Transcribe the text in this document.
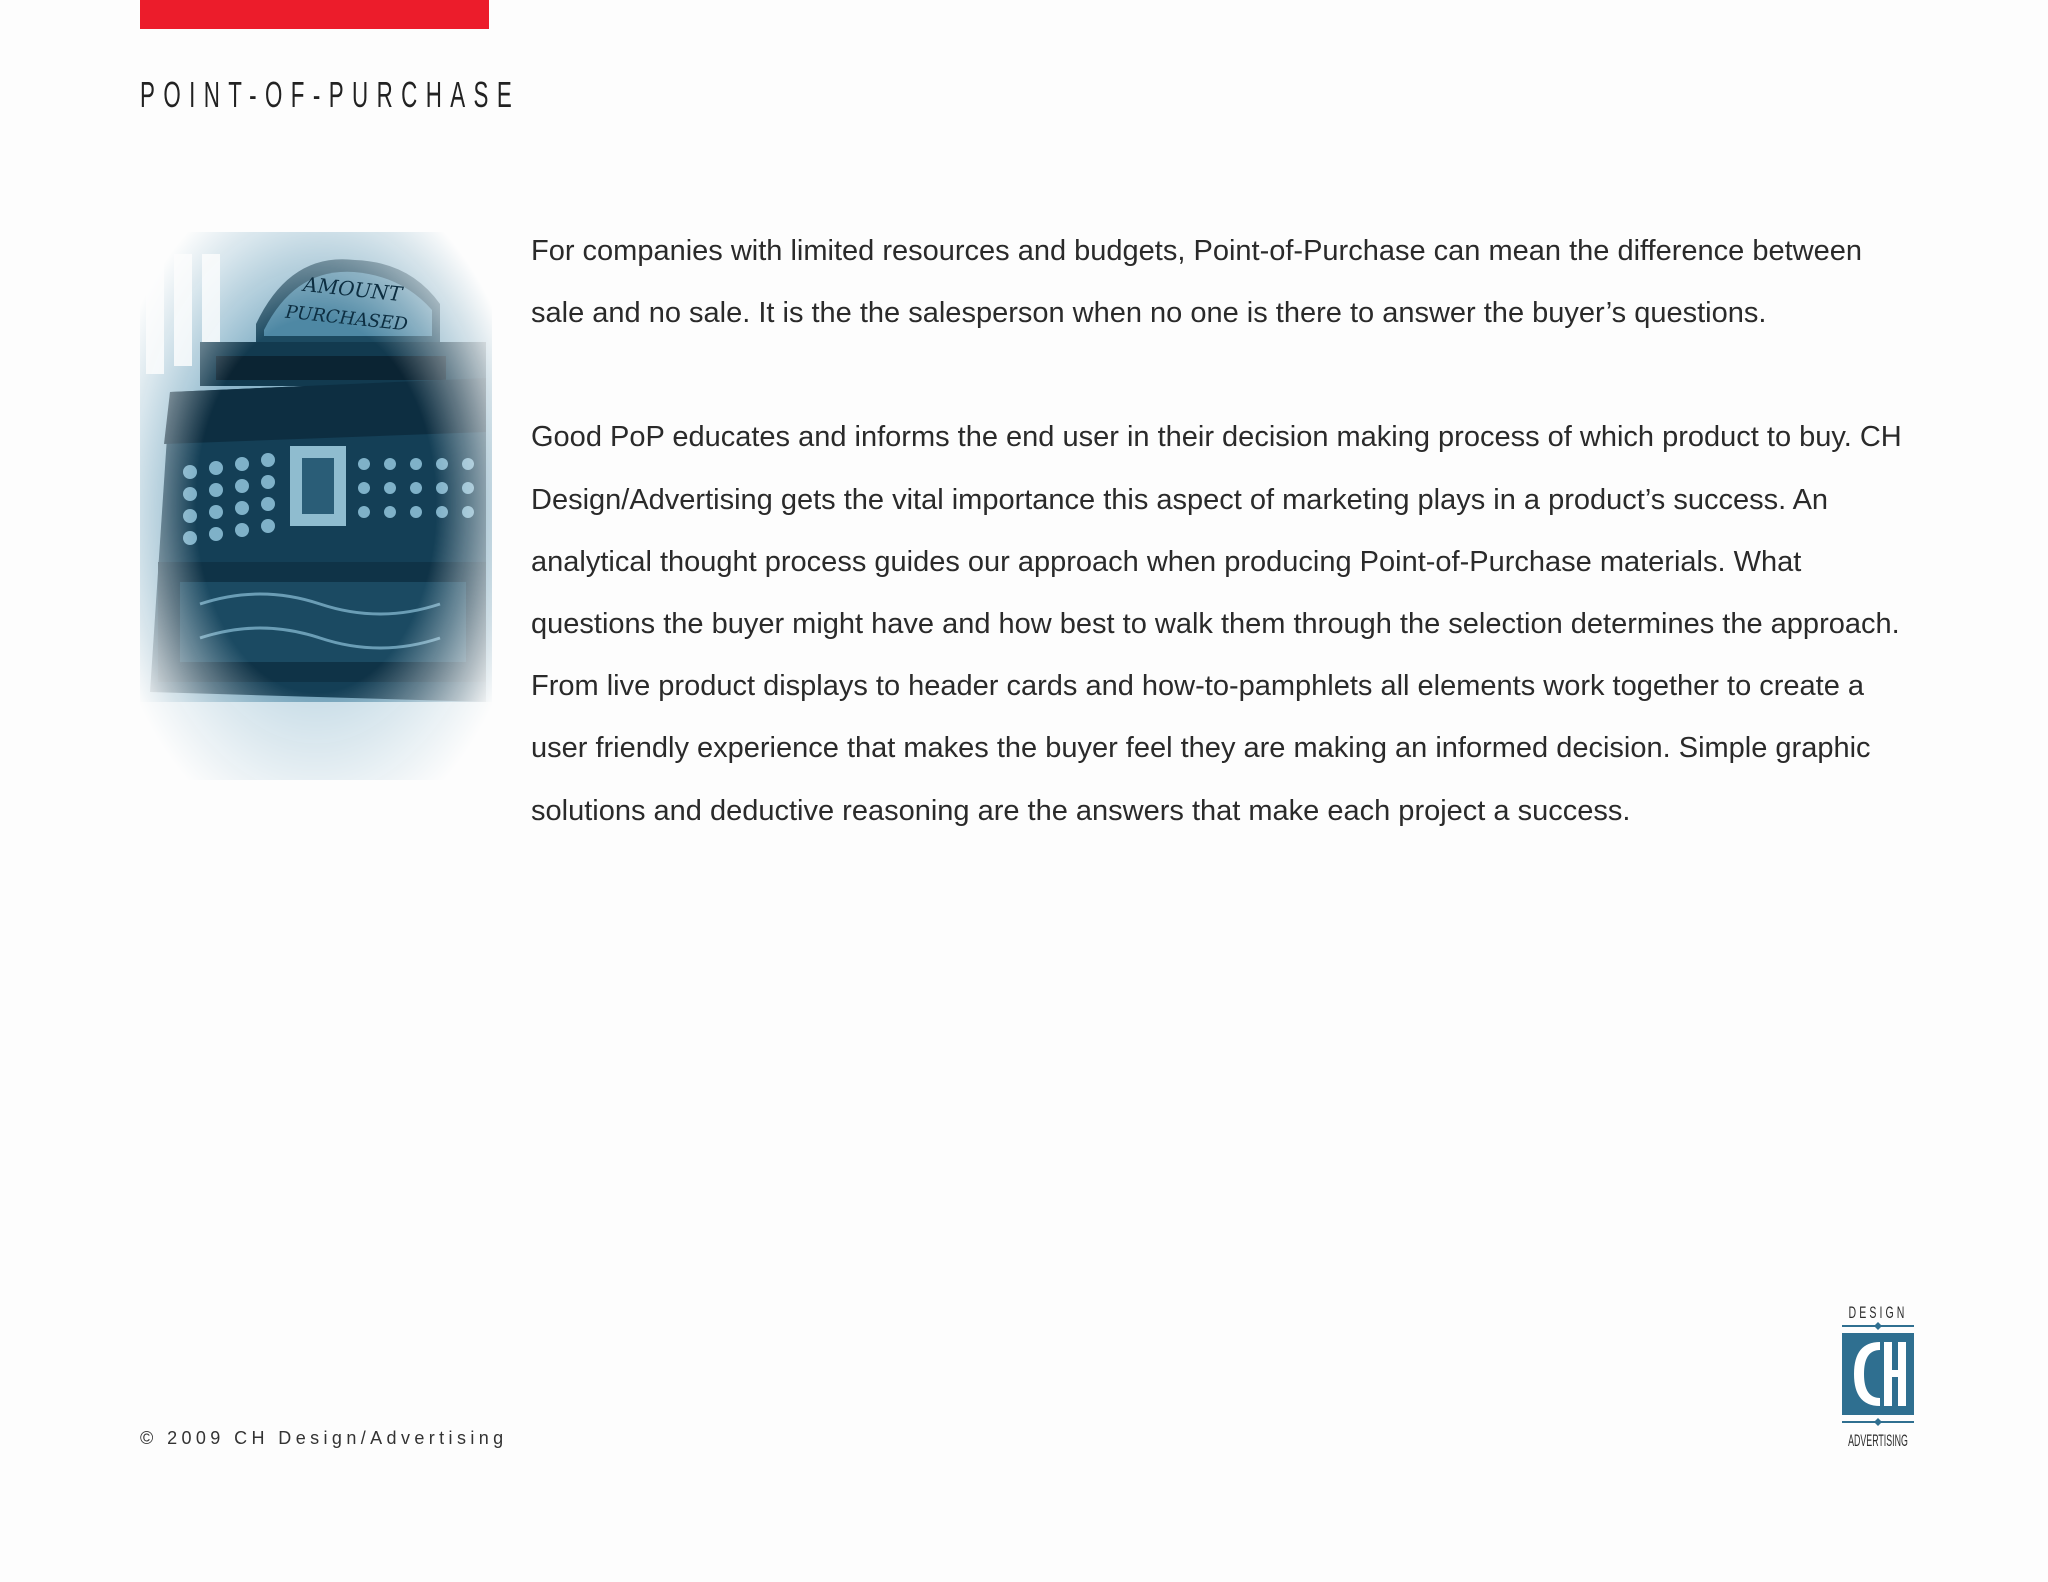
POINT-OF-PURCHASE
AMOUNT
PURCHASED

For companies with limited resources and budgets, Point-of-Purchase can mean the difference between sale and no sale. It is the the salesperson when no one is there to answer the buyer’s questions.

Good PoP educates and informs the end user in their decision making process of which product to buy. CH Design/Advertising gets the vital importance this aspect of marketing plays in a product’s success. An analytical thought process guides our approach when producing Point-of-Purchase materials. What questions the buyer might have and how best to walk them through the selection determines the approach. From live product displays to header cards and how-to-pamphlets all elements work together to create a user friendly experience that makes the buyer feel they are making an informed decision. Simple graphic solutions and deductive reasoning are the answers that make each project a success.

© 2009 CH Design/Advertising
DESIGN
ADVERTISING
